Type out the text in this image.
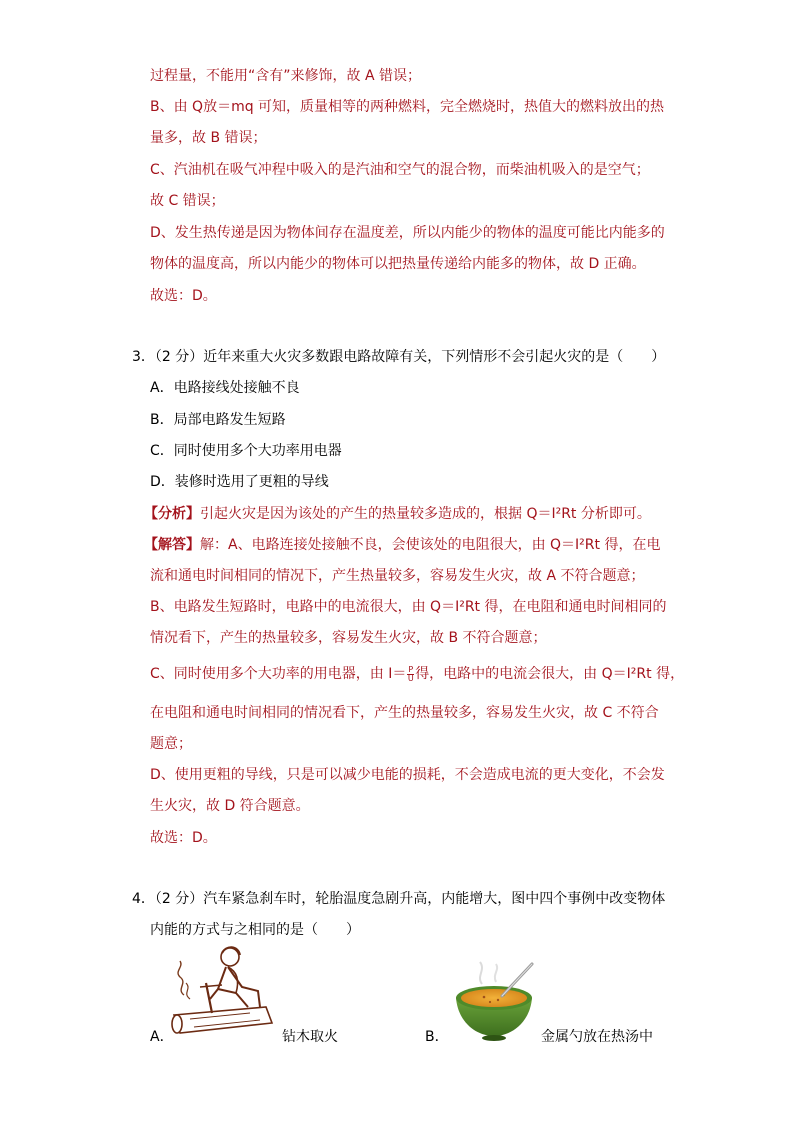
过程量，不能用“含有”来修饰，故 A 错误；
B、由 Q放＝mq 可知，质量相等的两种燃料，完全燃烧时，热值大的燃料放出的热
量多，故 B 错误；
C、汽油机在吸气冲程中吸入的是汽油和空气的混合物，而柴油机吸入的是空气；
故 C 错误；
D、发生热传递是因为物体间存在温度差，所以内能少的物体的温度可能比内能多的
物体的温度高，所以内能少的物体可以把热量传递给内能多的物体，故 D 正确。
故选：D。
3．（2 分）近年来重大火灾多数跟电路故障有关，下列情形不会引起火灾的是（　　）
A．电路接线处接触不良
B．局部电路发生短路
C．同时使用多个大功率用电器
D．装修时选用了更粗的导线
【分析】引起火灾是因为该处的产生的热量较多造成的，根据 Q＝I²Rt 分析即可。
【解答】解：A、电路连接处接触不良，会使该处的电阻很大，由 Q＝I²Rt 得，在电
流和通电时间相同的情况下，产生热量较多，容易发生火灾，故 A 不符合题意；
B、电路发生短路时，电路中的电流很大，由 Q＝I²Rt 得，在电阻和通电时间相同的
情况看下，产生的热量较多，容易发生火灾，故 B 不符合题意；
C、同时使用多个大功率的用电器，由 $I= \frac{P}{U}$ 得，电路中的电流会很大，由 Q＝I²Rt 得，
在电阻和通电时间相同的情况看下，产生的热量较多，容易发生火灾，故 C 不符合
题意；
D、使用更粗的导线，只是可以减少电能的损耗，不会造成电流的更大变化，不会发
生火灾，故 D 符合题意。
故选：D。
4．（2 分）汽车紧急刹车时，轮胎温度急剧升高，内能增大，图中四个事例中改变物体
内能的方式与之相同的是（　　）
A．	钻木取火	B．	金属勺放在热汤中
